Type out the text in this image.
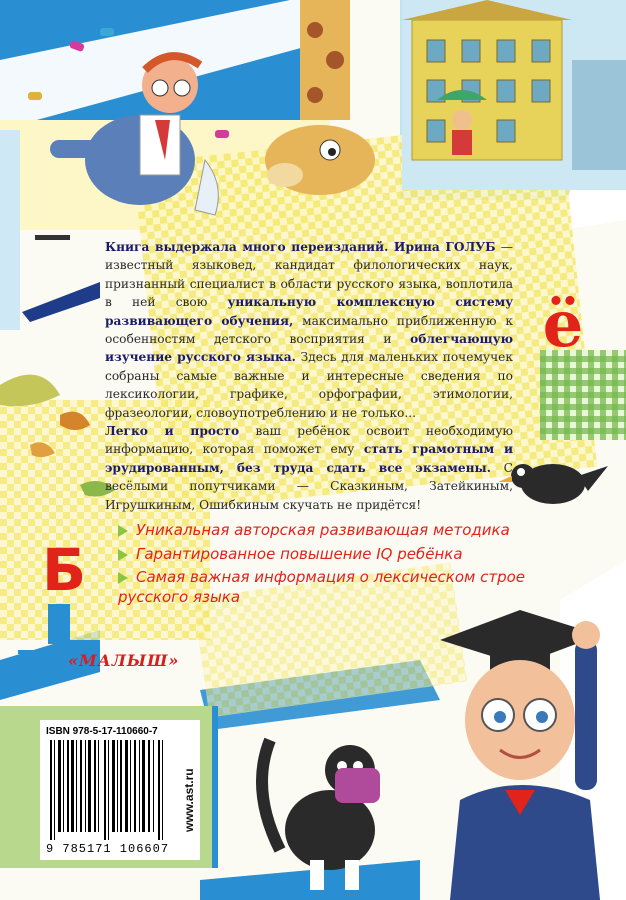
ё
Книга выдержала много переизданий. Ирина ГОЛУБ — известный языковед, кандидат филологических наук, признанный специалист в области русского языка, воплотила в ней свою уникальную комплексную систему развивающего обучения, максимально приближенную к особенностям детского восприятия и облегчающую изучение русского языка. Здесь для маленьких почемучек собраны самые важные и интересные сведения по лексикологии, графике, орфографии, этимологии, фразеологии, словоупотреблению и не только...
Легко и просто ваш ребёнок освоит необходимую информацию, которая поможет ему стать грамотным и эрудированным, без труда сдать все экзамены. С весёлыми попутчиками — Сказкиным, Затейкиным, Игрушкиным, Ошибкиным скучать не придётся!
Уникальная авторская развивающая методика
Гарантированное повышение IQ ребёнка
Самая важная информация о лексическом строе русского языка
Б
«МАЛЫШ»
ISBN 978-5-17-110660-7
9 785171 106607
www.ast.ru
